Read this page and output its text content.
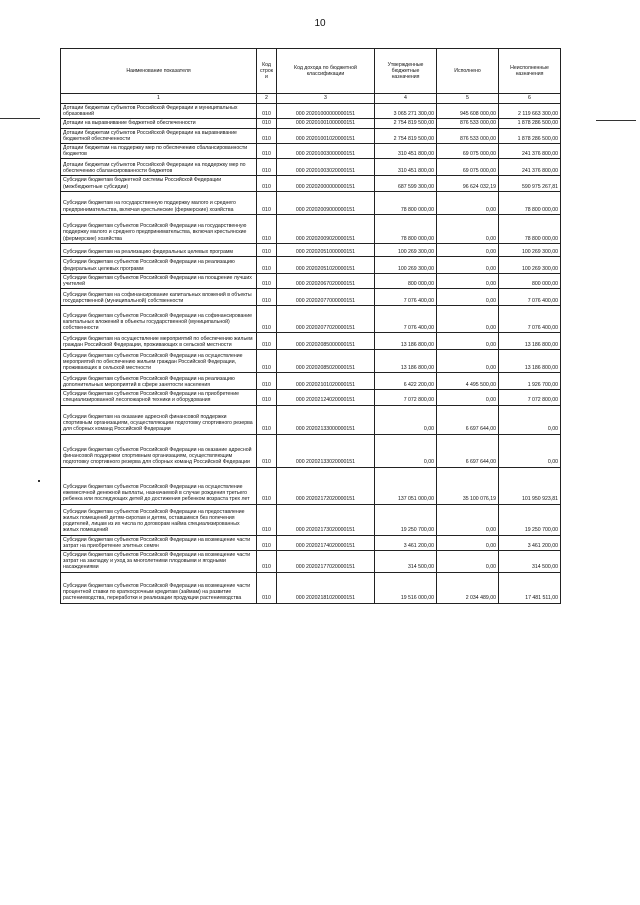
10
Наименование показателя	Код строк и	Код дохода по бюджетной классификации	Утвержденные бюджетные назначения	Исполнено	Неисполненные назначения
1	2	3	4	5	6
Дотации бюджетам субъектов Российской Федерации и муниципальных образований	010	000 20201000000000151	3 065 271 300,00	945 608 000,00	2 119 663 300,00
Дотации на выравнивание бюджетной обеспеченности	010	000 20201001000000151	2 754 819 500,00	876 533 000,00	1 878 286 500,00
Дотации бюджетам субъектов Российской Федерации на выравнивание бюджетной обеспеченности	010	000 20201001020000151	2 754 819 500,00	876 533 000,00	1 878 286 500,00
Дотации бюджетам на поддержку мер по обеспечению сбалансированности бюджетов	010	000 20201003000000151	310 451 800,00	69 075 000,00	241 376 800,00
Дотации бюджетам субъектов Российской Федерации на поддержку мер по обеспечению сбалансированности бюджетов	010	000 20201003020000151	310 451 800,00	69 075 000,00	241 376 800,00
Субсидии бюджетам бюджетной системы Российской Федерации (межбюджетные субсидии)	010	000 20202000000000151	687 599 300,00	96 624 032,19	590 975 267,81
Субсидии бюджетам на государственную поддержку малого и среднего предпринимательства, включая крестьянские (фермерские) хозяйства	010	000 20202009000000151	78 800 000,00	0,00	78 800 000,00
Субсидии бюджетам субъектов Российской Федерации на государственную поддержку малого и среднего предпринимательства, включая крестьянские (фермерские) хозяйства	010	000 20202009020000151	78 800 000,00	0,00	78 800 000,00
Субсидии бюджетам на реализацию федеральных целевых программ	010	000 20202051000000151	100 269 300,00	0,00	100 269 300,00
Субсидии бюджетам субъектов Российской Федерации на реализацию федеральных целевых программ	010	000 20202051020000151	100 269 300,00	0,00	100 269 300,00
Субсидии бюджетам субъектов Российской Федерации на поощрение лучших учителей	010	000 20202067020000151	800 000,00	0,00	800 000,00
Субсидии бюджетам на софинансирование капитальных вложений в объекты государственной (муниципальной) собственности	010	000 20202077000000151	7 076 400,00	0,00	7 076 400,00
Субсидии бюджетам субъектов Российской Федерации на софинансирование капитальных вложений в объекты государственной (муниципальной) собственности	010	000 20202077020000151	7 076 400,00	0,00	7 076 400,00
Субсидии бюджетам на осуществление мероприятий по обеспечению жильем граждан Российской Федерации, проживающих в сельской местности	010	000 20202085000000151	13 186 800,00	0,00	13 186 800,00
Субсидии бюджетам субъектов Российской Федерации на осуществление мероприятий по обеспечению жильем граждан Российской Федерации, проживающих в сельской местности	010	000 20202085020000151	13 186 800,00	0,00	13 186 800,00
Субсидии бюджетам субъектов Российской Федерации на реализацию дополнительных мероприятий в сфере занятости населения	010	000 20202101020000151	6 422 200,00	4 495 500,00	1 926 700,00
Субсидии бюджетам субъектов Российской Федерации на приобретение специализированной лесопожарной техники и оборудования	010	000 20202124020000151	7 072 800,00	0,00	7 072 800,00
Субсидии бюджетам на оказание адресной финансовой поддержки спортивным организациям, осуществляющим подготовку спортивного резерва для сборных команд Российской Федерации	010	000 20202133000000151	0,00	6 697 644,00	0,00
Субсидии бюджетам субъектов Российской Федерации на оказание адресной финансовой поддержки спортивным организациям, осуществляющим подготовку спортивного резерва для сборных команд Российской Федерации	010	000 20202133020000151	0,00	6 697 644,00	0,00
Субсидии бюджетам субъектов Российской Федерации на осуществление ежемесячной денежной выплаты, назначаемой в случае рождения третьего ребенка или последующих детей до достижения ребенком возраста трех лет	010	000 20202172020000151	137 051 000,00	35 100 076,19	101 950 923,81
Субсидии бюджетам субъектов Российской Федерации на предоставление жилых помещений детям-сиротам и детям, оставшимся без попечения родителей, лицам из их числа по договорам найма специализированных жилых помещений	010	000 20202173020000151	19 250 700,00	0,00	19 250 700,00
Субсидии бюджетам субъектов Российской Федерации на возмещение части затрат на приобретение элитных семян	010	000 20202174020000151	3 461 200,00	0,00	3 461 200,00
Субсидии бюджетам субъектов Российской Федерации на возмещение части затрат на закладку и уход за многолетними плодовыми и ягодными насаждениями	010	000 20202177020000151	314 500,00	0,00	314 500,00
Субсидии бюджетам субъектов Российской Федерации на возмещение части процентной ставки по краткосрочным кредитам (займам) на развитие растениеводства, переработки и реализации продукции растениеводства	010	000 20202181020000151	19 516 000,00	2 034 489,00	17 481 511,00
